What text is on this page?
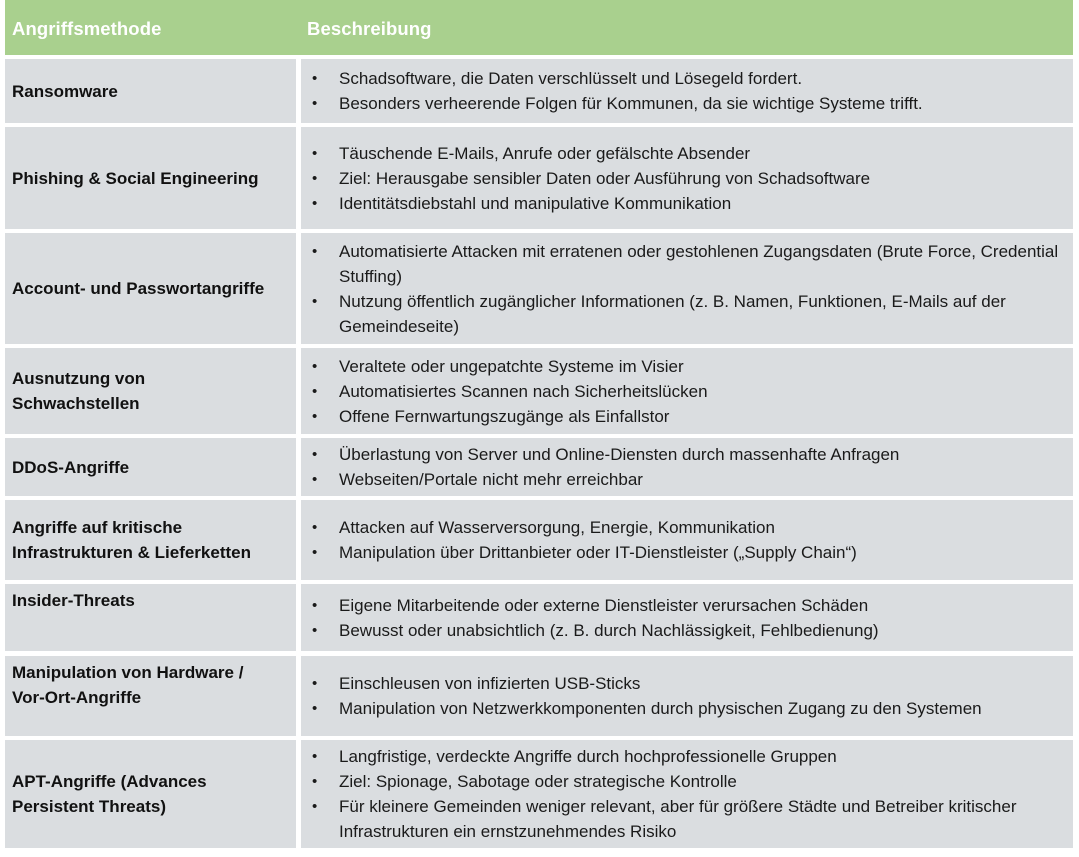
Angriffsmethode	Beschreibung
Ransomware
• Schadsoftware, die Daten verschlüsselt und Lösegeld fordert.
• Besonders verheerende Folgen für Kommunen, da sie wichtige Systeme trifft.
Phishing & Social Engineering
• Täuschende E-Mails, Anrufe oder gefälschte Absender
• Ziel: Herausgabe sensibler Daten oder Ausführung von Schadsoftware
• Identitätsdiebstahl und manipulative Kommunikation
Account- und Passwortangriffe
• Automatisierte Attacken mit erratenen oder gestohlenen Zugangsdaten (Brute Force, Credential Stuffing)
• Nutzung öffentlich zugänglicher Informationen (z. B. Namen, Funktionen, E-Mails auf der Gemeindeseite)
Ausnutzung von
Schwachstellen
• Veraltete oder ungepatchte Systeme im Visier
• Automatisiertes Scannen nach Sicherheitslücken
• Offene Fernwartungszugänge als Einfallstor
DDoS-Angriffe
• Überlastung von Server und Online-Diensten durch massenhafte Anfragen
• Webseiten/Portale nicht mehr erreichbar
Angriffe auf kritische
Infrastrukturen & Lieferketten
• Attacken auf Wasserversorgung, Energie, Kommunikation
• Manipulation über Drittanbieter oder IT-Dienstleister („Supply Chain“)
Insider-Threats	• Eigene Mitarbeitende oder externe Dienstleister verursachen Schäden
• Bewusst oder unabsichtlich (z. B. durch Nachlässigkeit, Fehlbedienung)
Manipulation von Hardware /
Vor-Ort-Angriffe
• Einschleusen von infizierten USB-Sticks
• Manipulation von Netzwerkkomponenten durch physischen Zugang zu den Systemen
APT-Angriffe (Advances
Persistent Threats)
• Langfristige, verdeckte Angriffe durch hochprofessionelle Gruppen
• Ziel: Spionage, Sabotage oder strategische Kontrolle
• Für kleinere Gemeinden weniger relevant, aber für größere Städte und Betreiber kritischer Infrastrukturen ein ernstzunehmendes Risiko
